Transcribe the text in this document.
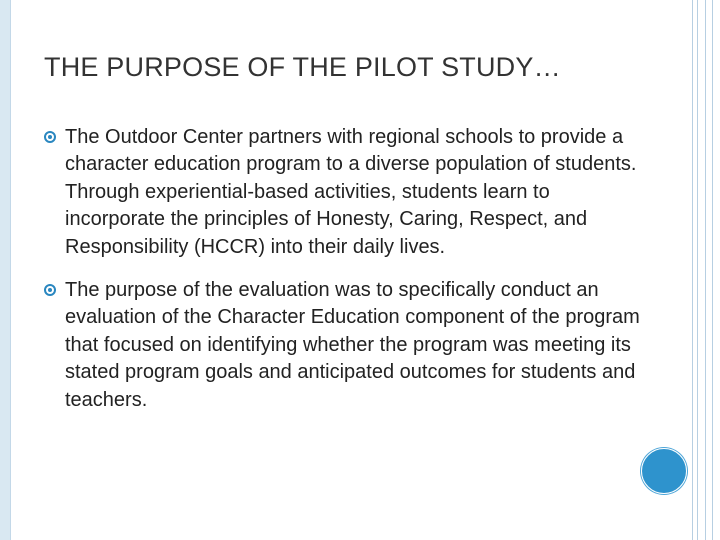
THE PURPOSE OF THE PILOT STUDY…

The Outdoor Center partners with regional schools to provide a character education program to a diverse population of students. Through experiential-based activities, students learn to incorporate the principles of Honesty, Caring, Respect, and Responsibility (HCCR) into their daily lives.

The purpose of the evaluation was to specifically conduct an evaluation of the Character Education component of the program that focused on identifying whether the program was meeting its stated program goals and anticipated outcomes for students and teachers.
